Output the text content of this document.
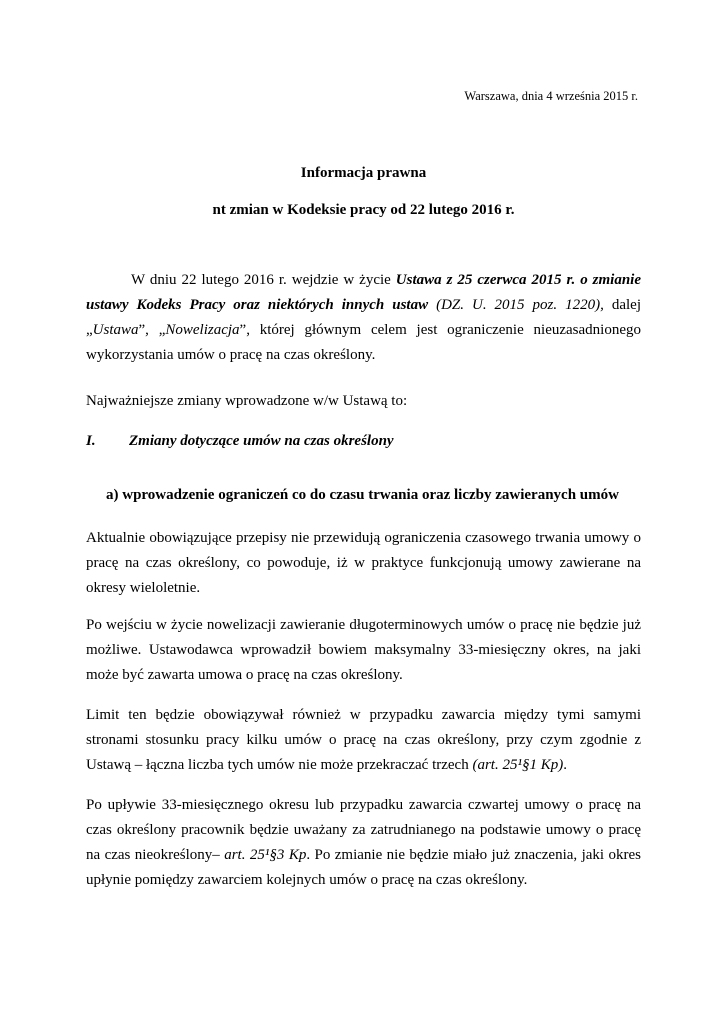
Warszawa, dnia 4 września 2015 r.
Informacja prawna
nt zmian w Kodeksie pracy od 22 lutego 2016 r.
W dniu 22 lutego 2016 r. wejdzie w życie Ustawa z 25 czerwca 2015 r. o zmianie ustawy Kodeks Pracy oraz niektórych innych ustaw (DZ. U. 2015 poz. 1220), dalej „Ustawa”, „Nowelizacja”, której głównym celem jest ograniczenie nieuzasadnionego wykorzystania umów o pracę na czas określony.
Najważniejsze zmiany wprowadzone w/w Ustawą to:
I. Zmiany dotyczące umów na czas określony
a) wprowadzenie ograniczeń co do czasu trwania oraz liczby zawieranych umów
Aktualnie obowiązujące przepisy nie przewidują ograniczenia czasowego trwania umowy o pracę na czas określony, co powoduje, iż w praktyce funkcjonują umowy zawierane na okresy wieloletnie.
Po wejściu w życie nowelizacji zawieranie długoterminowych umów o pracę nie będzie już możliwe. Ustawodawca wprowadził bowiem maksymalny 33-miesięczny okres, na jaki może być zawarta umowa o pracę na czas określony.
Limit ten będzie obowiązywał również w przypadku zawarcia między tymi samymi stronami stosunku pracy kilku umów o pracę na czas określony, przy czym zgodnie z Ustawą – łączna liczba tych umów nie może przekraczać trzech (art. 25¹§1 Kp).
Po upływie 33-miesięcznego okresu lub przypadku zawarcia czwartej umowy o pracę na czas określony pracownik będzie uważany za zatrudnianego na podstawie umowy o pracę na czas nieokreślony– art. 25¹§3 Kp. Po zmianie nie będzie miało już znaczenia, jaki okres upłynie pomiędzy zawarciem kolejnych umów o pracę na czas określony.
